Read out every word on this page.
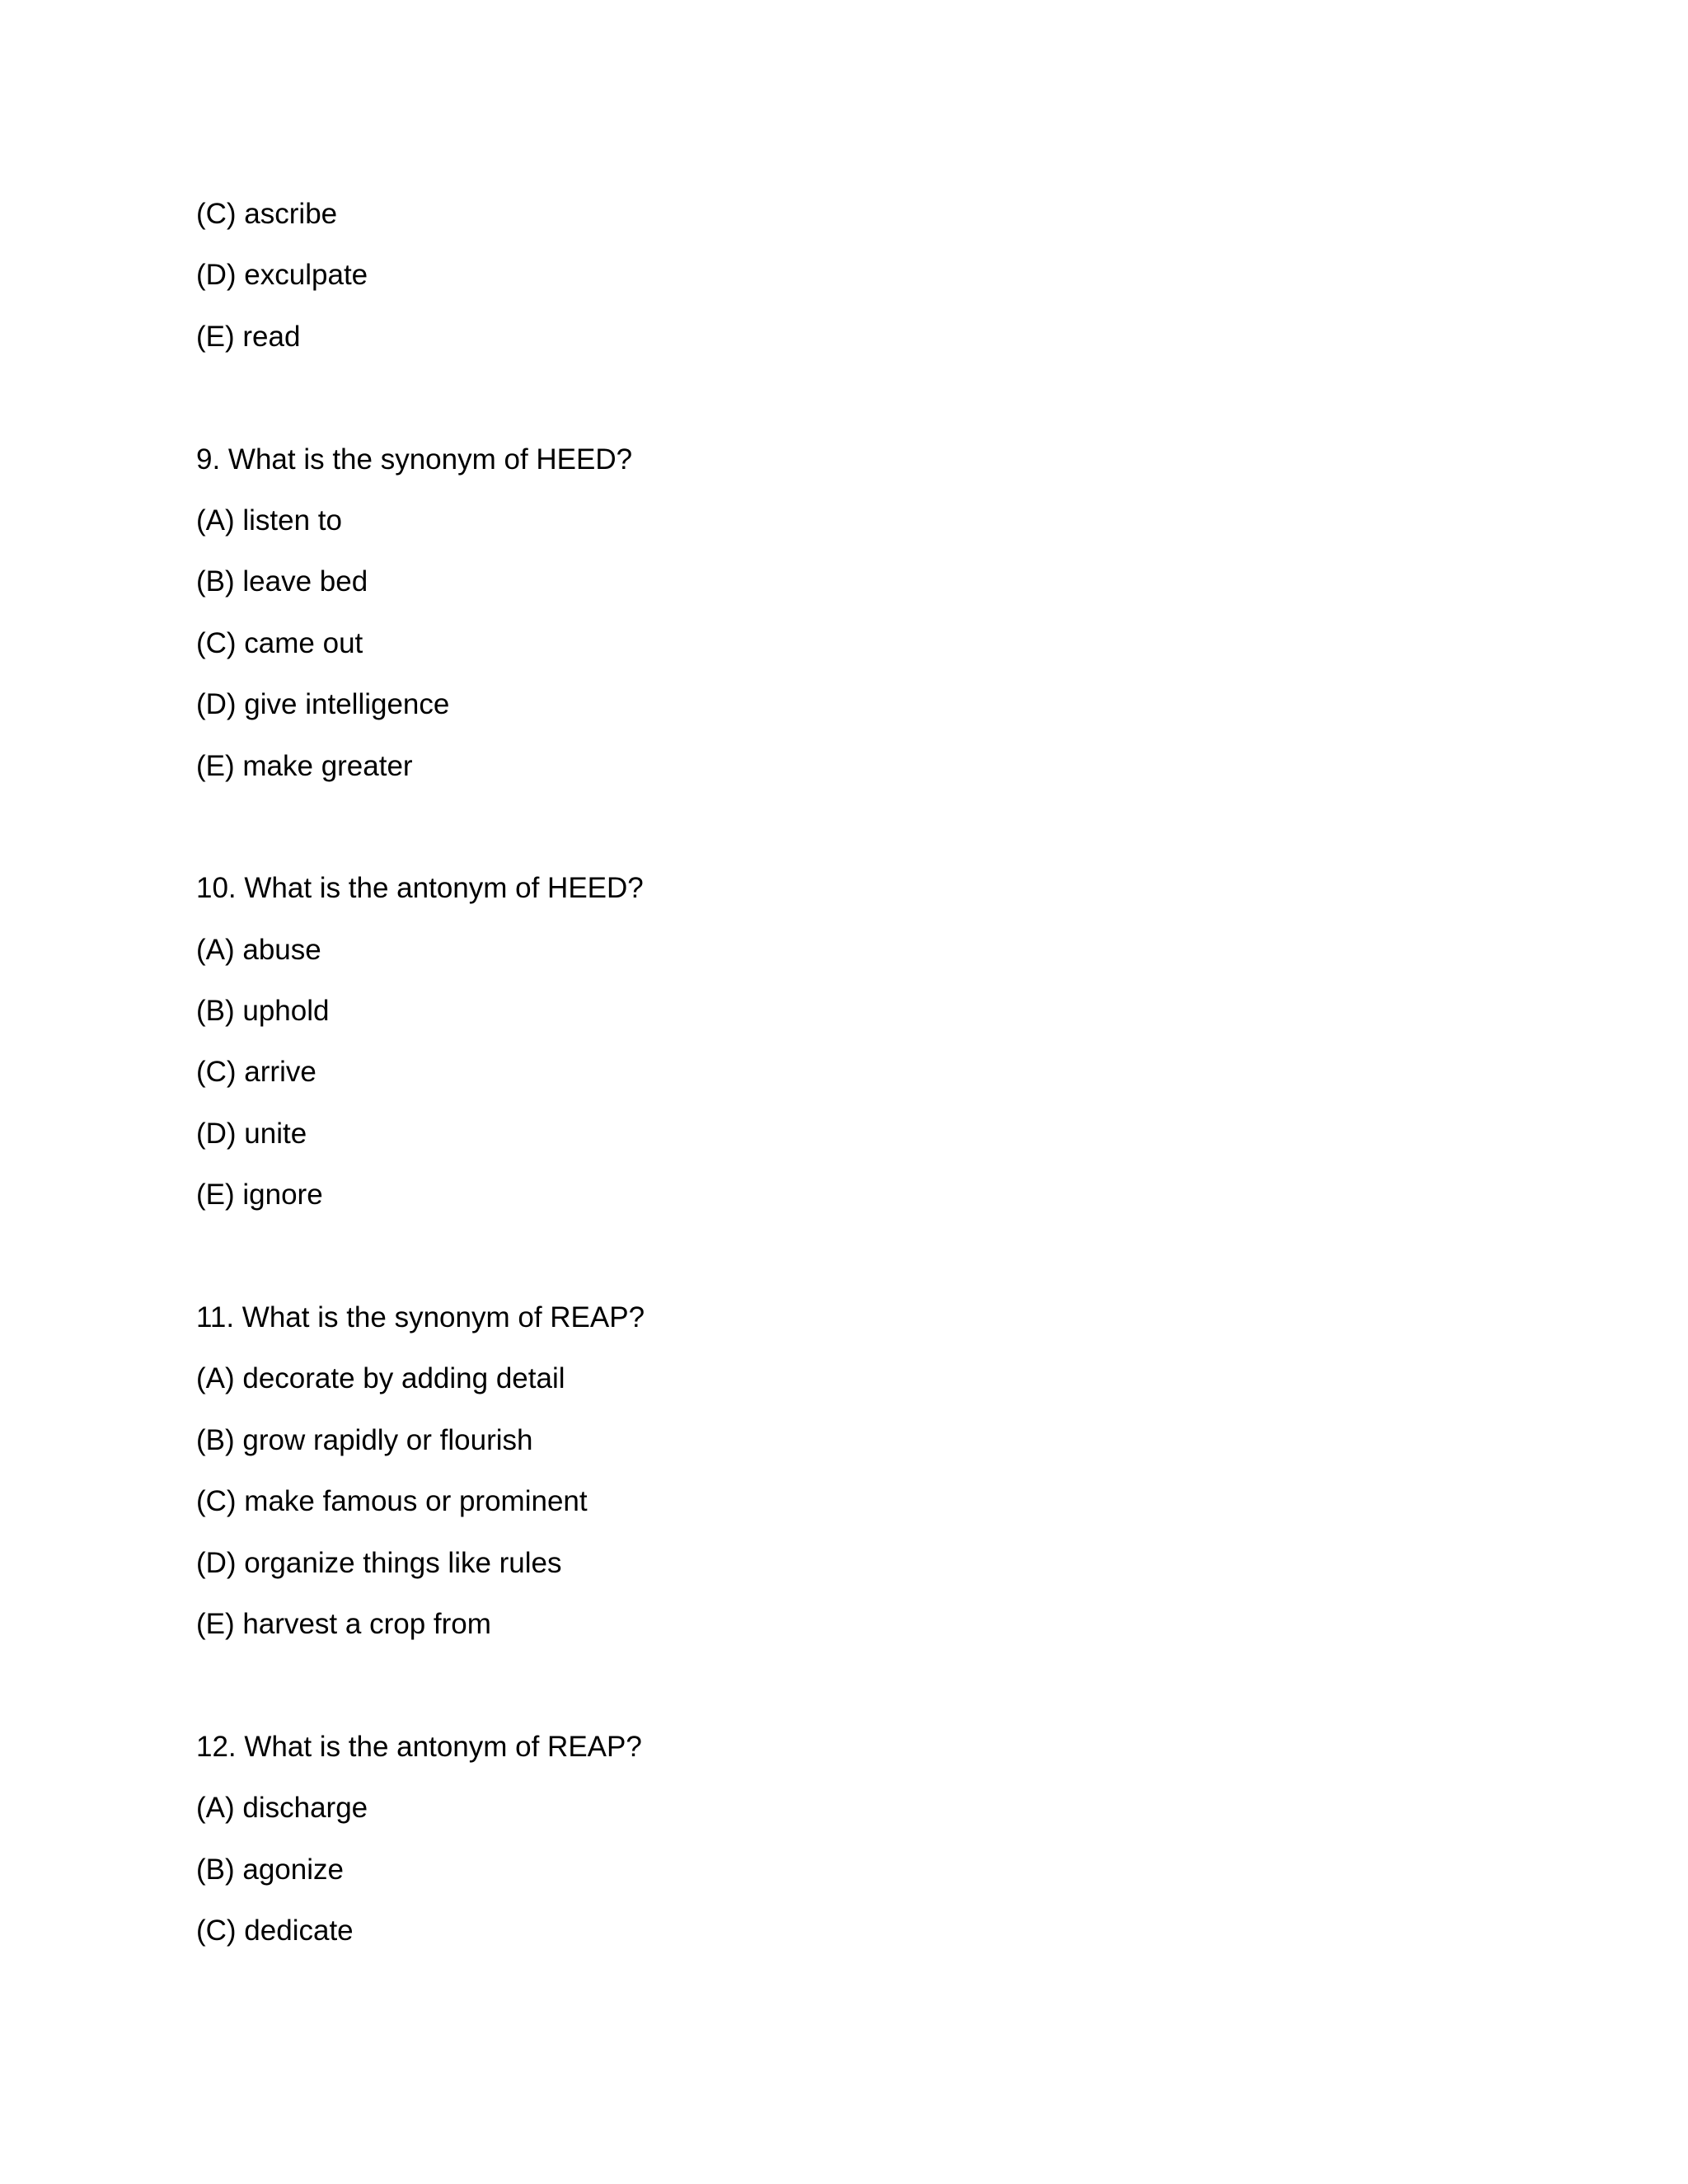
(C) ascribe
(D) exculpate
(E) read
9. What is the synonym of HEED?
(A) listen to
(B) leave bed
(C) came out
(D) give intelligence
(E) make greater
10. What is the antonym of HEED?
(A) abuse
(B) uphold
(C) arrive
(D) unite
(E) ignore
11. What is the synonym of REAP?
(A) decorate by adding detail
(B) grow rapidly or flourish
(C) make famous or prominent
(D) organize things like rules
(E) harvest a crop from
12. What is the antonym of REAP?
(A) discharge
(B) agonize
(C) dedicate
